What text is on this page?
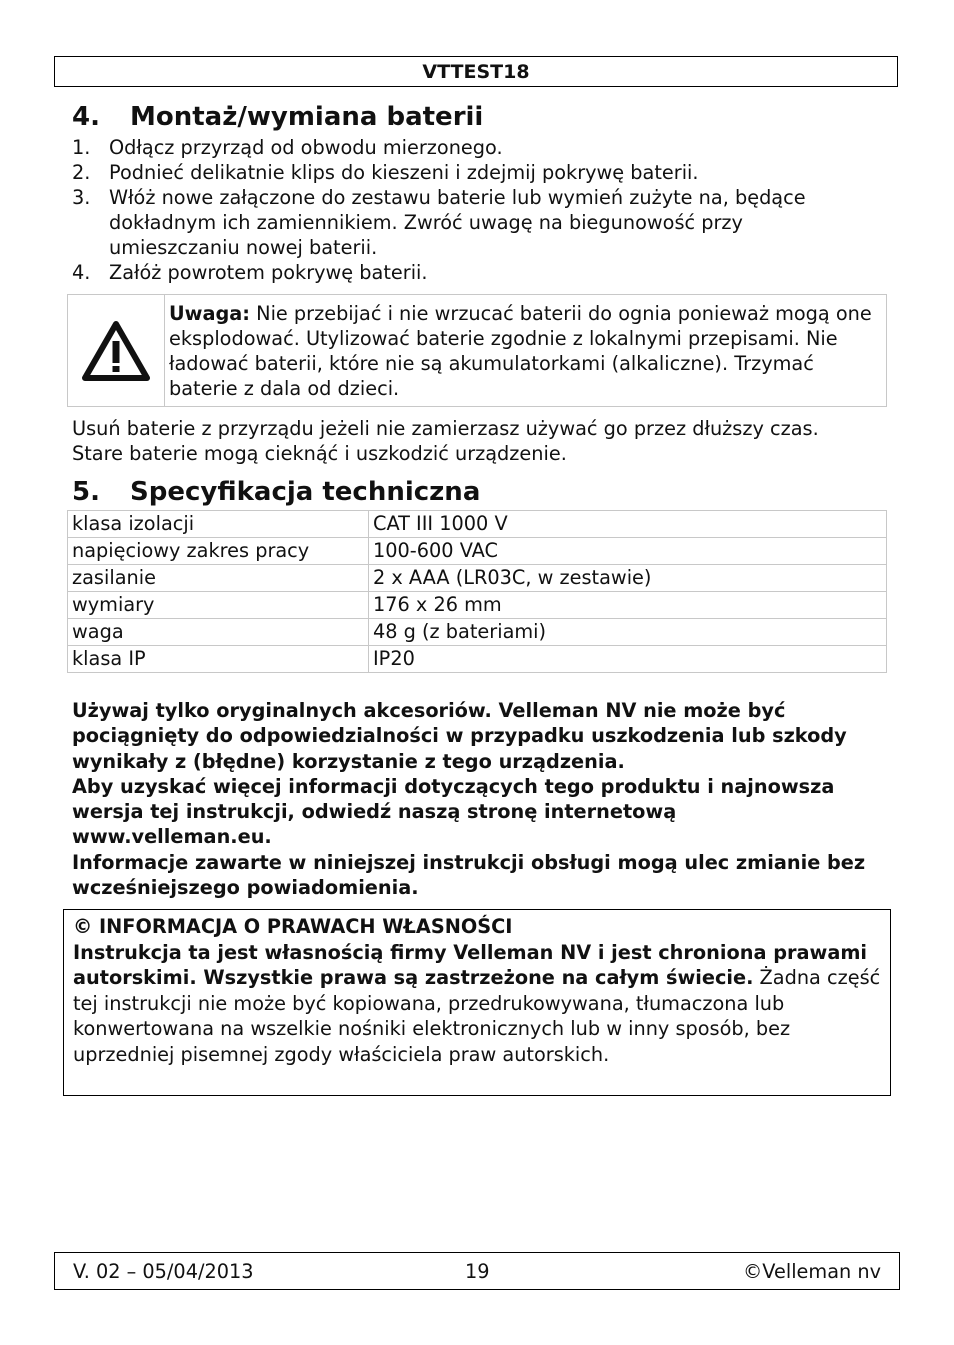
VTTEST18
4. Montaż/wymiana baterii
1. Odłącz przyrząd od obwodu mierzonego.
2. Podnieć delikatnie klips do kieszeni i zdejmij pokrywę baterii.
3. Włóż nowe załączone do zestawu baterie lub wymień zużyte na, będące dokładnym ich zamiennikiem. Zwróć uwagę na biegunowość przy umieszczaniu nowej baterii.
4. Załóż powrotem pokrywę baterii.
Uwaga: Nie przebijać i nie wrzucać baterii do ognia ponieważ mogą one eksplodować. Utylizować baterie zgodnie z lokalnymi przepisami. Nie ładować baterii, które nie są akumulatorkami (alkaliczne). Trzymać baterie z dala od dzieci.

Usuń baterie z przyrządu jeżeli nie zamierzasz używać go przez dłuższy czas. Stare baterie mogą ciekną́ć i uszkodzić urządzenie.

5. Specyfikacja techniczna
klasa izolacji	CAT III 1000 V
napięciowy zakres pracy	100-600 VAC
zasilanie	2 x AAA (LR03C, w zestawie)
wymiary	176 x 26 mm
waga	48 g (z bateriami)
klasa IP	IP20
Używaj tylko oryginalnych akcesoriów. Velleman NV nie może być pociągnięty do odpowiedzialności w przypadku uszkodzenia lub szkody wynikały z (błędne) korzystanie z tego urządzenia.
Aby uzyskać więcej informacji dotyczących tego produktu i najnowsza wersja tej instrukcji, odwiedź naszą stronę internetową www.velleman.eu.
Informacje zawarte w niniejszej instrukcji obsługi mogą ulec zmianie bez wcześniejszego powiadomienia.
© INFORMACJA O PRAWACH WŁASNOŚCI
Instrukcja ta jest własnością firmy Velleman NV i jest chroniona prawami autorskimi. Wszystkie prawa są zastrzeżone na całym świecie. Żadna część tej instrukcji nie może być kopiowana, przedrukowywana, tłumaczona lub konwertowana na wszelkie nośniki elektronicznych lub w inny sposób, bez uprzedniej pisemnej zgody właściciela praw autorskich.
V. 02 – 05/04/2013	19	©Velleman nv
